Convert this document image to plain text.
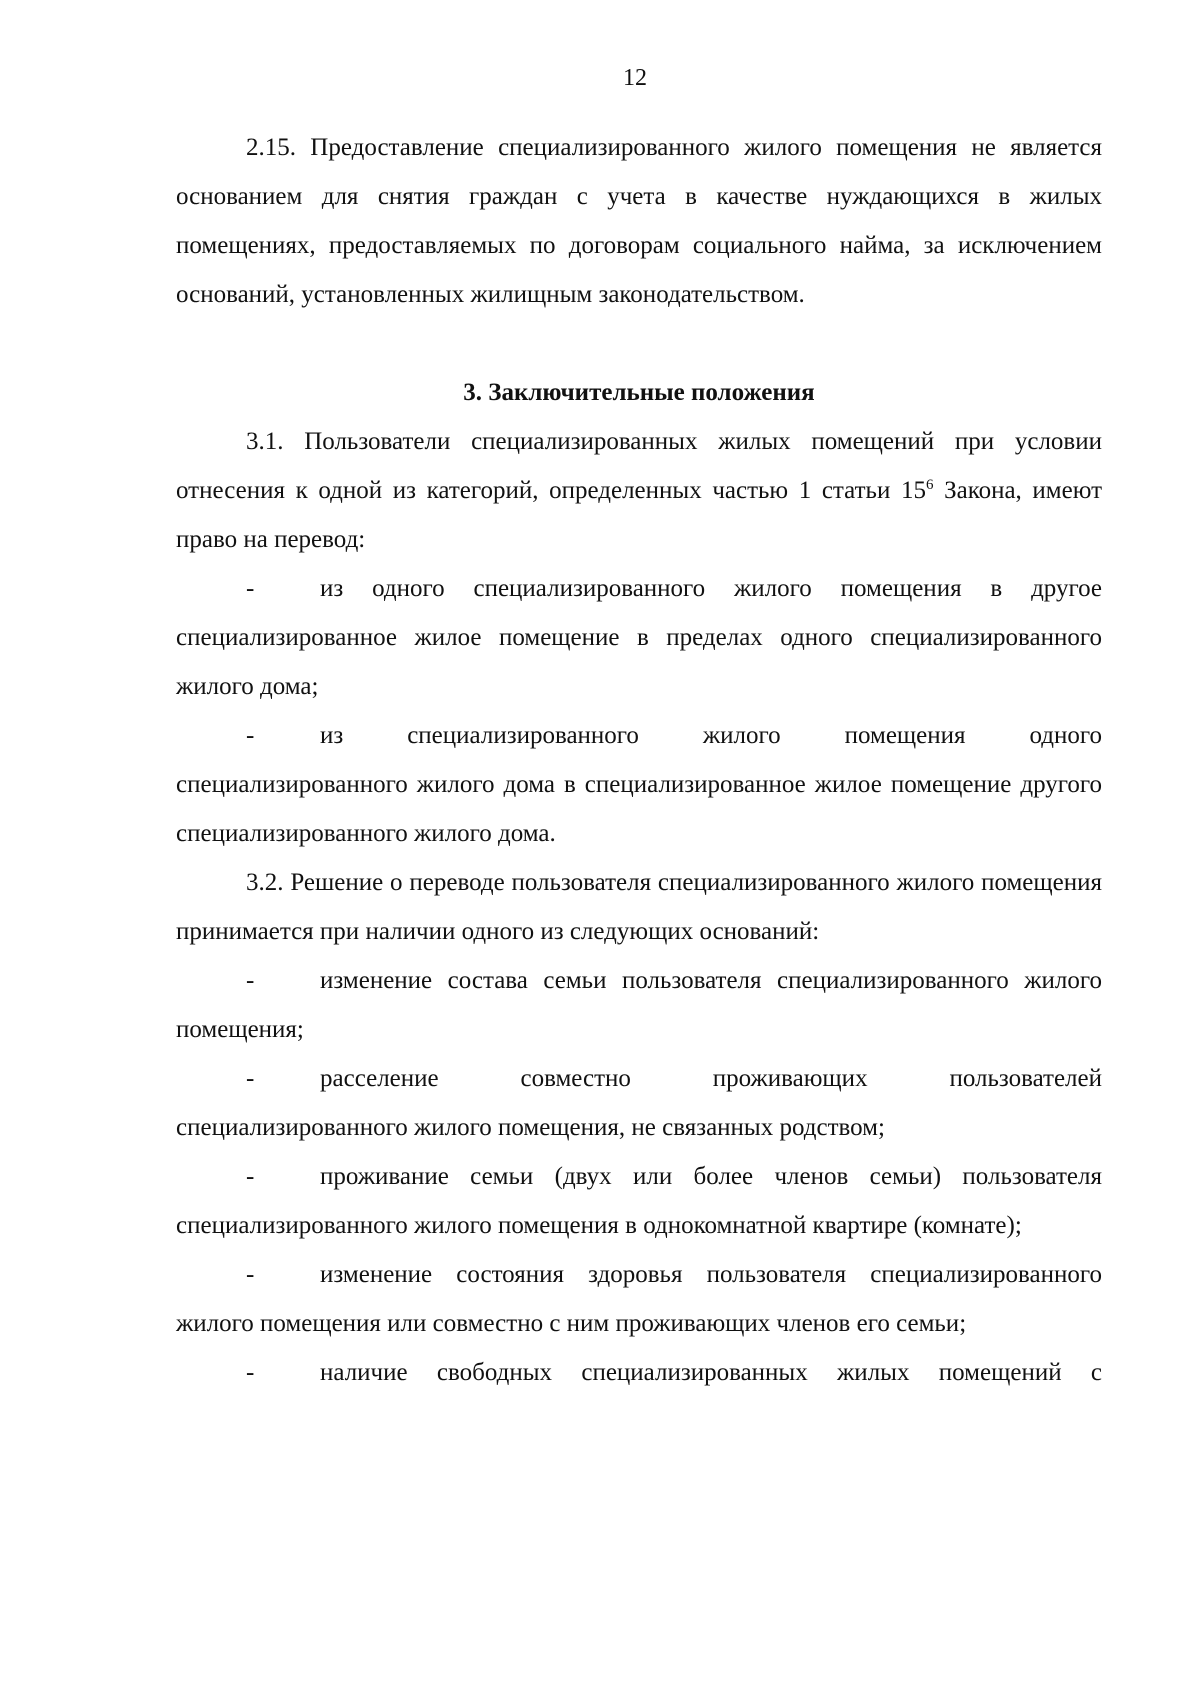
12

2.15. Предоставление специализированного жилого помещения не является основанием для снятия граждан с учета в качестве нуждающихся в жилых помещениях, предоставляемых по договорам социального найма, за исключением оснований, установленных жилищным законодательством.

3. Заключительные положения

3.1. Пользователи специализированных жилых помещений при условии отнесения к одной из категорий, определенных частью 1 статьи $15^6$ Закона, имеют право на перевод:

-	из одного специализированного жилого помещения в другое специализированное жилое помещение в пределах одного специализированного жилого дома;

-	из специализированного жилого помещения одного специализированного жилого дома в специализированное жилое помещение другого специализированного жилого дома.

3.2. Решение о переводе пользователя специализированного жилого помещения принимается при наличии одного из следующих оснований:

-	изменение состава семьи пользователя специализированного жилого помещения;

-	расселение совместно проживающих пользователей специализированного жилого помещения, не связанных родством;

-	проживание семьи (двух или более членов семьи) пользователя специализированного жилого помещения в однокомнатной квартире (комнате);

-	изменение состояния здоровья пользователя специализированного жилого помещения или совместно с ним проживающих членов его семьи;

-	наличие свободных специализированных жилых помещений с
